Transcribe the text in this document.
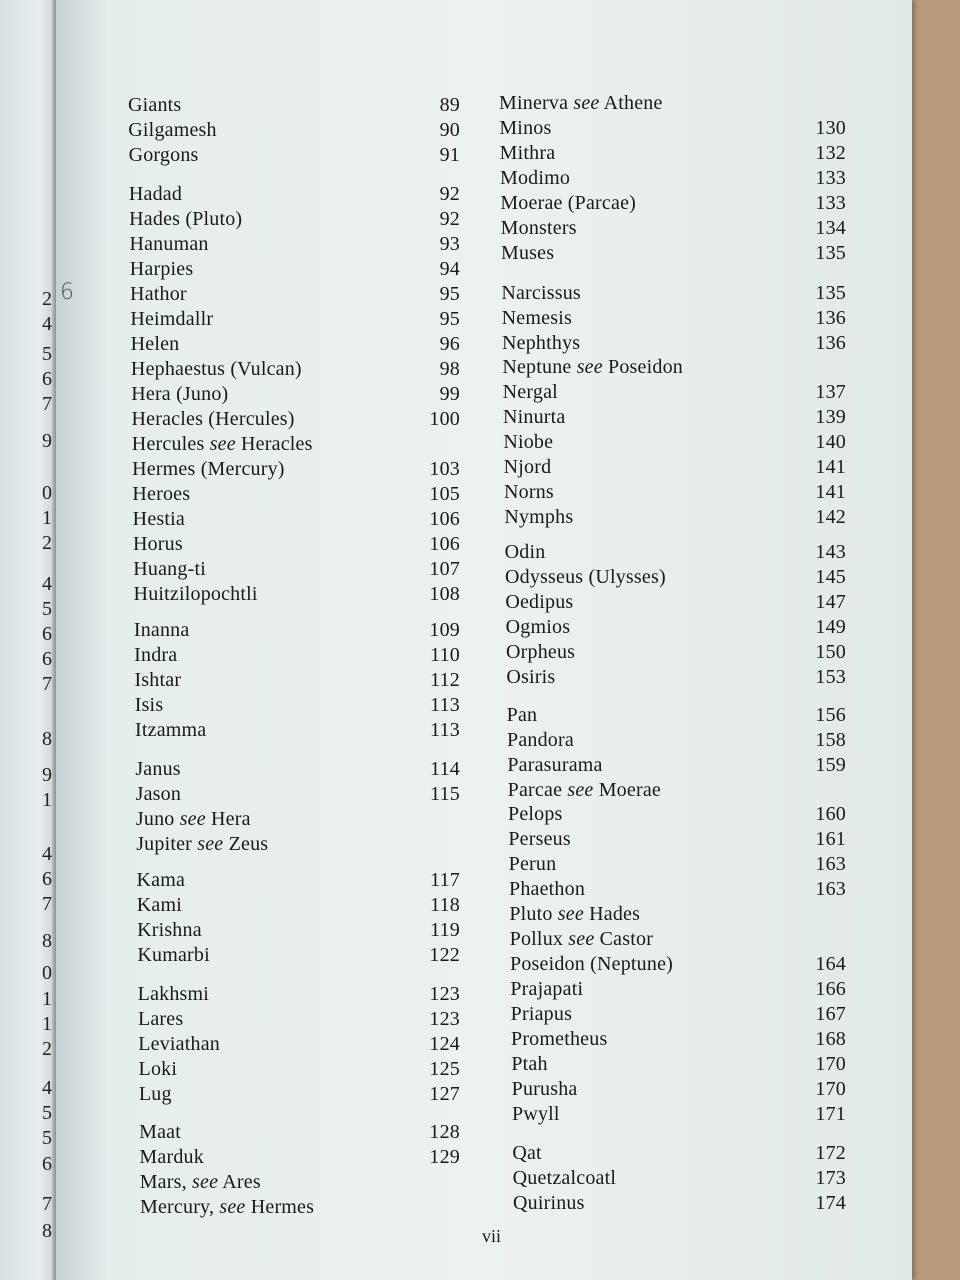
2
4
5
6
7
9
0
1
2
4
5
6
6
7
8
9
1
4
6
7
8
0
1
1
2
4
5
5
6
7
8
6
Giants	89
Gilgamesh	90
Gorgons	91
Hadad	92
Hades (Pluto)	92
Hanuman	93
Harpies	94
Hathor	95
Heimdallr	95
Helen	96
Hephaestus (Vulcan)	98
Hera (Juno)	99
Heracles (Hercules)	100
Hercules see Heracles
Hermes (Mercury)	103
Heroes	105
Hestia	106
Horus	106
Huang-ti	107
Huitzilopochtli	108
Inanna	109
Indra	110
Ishtar	112
Isis	113
Itzamma	113
Janus	114
Jason	115
Juno see Hera
Jupiter see Zeus
Kama	117
Kami	118
Krishna	119
Kumarbi	122
Lakhsmi	123
Lares	123
Leviathan	124
Loki	125
Lug	127
Maat	128
Marduk	129
Mars, see Ares
Mercury, see Hermes
Minerva see Athene
Minos	130
Mithra	132
Modimo	133
Moerae (Parcae)	133
Monsters	134
Muses	135
Narcissus	135
Nemesis	136
Nephthys	136
Neptune see Poseidon
Nergal	137
Ninurta	139
Niobe	140
Njord	141
Norns	141
Nymphs	142
Odin	143
Odysseus (Ulysses)	145
Oedipus	147
Ogmios	149
Orpheus	150
Osiris	153
Pan	156
Pandora	158
Parasurama	159
Parcae see Moerae
Pelops	160
Perseus	161
Perun	163
Phaethon	163
Pluto see Hades
Pollux see Castor
Poseidon (Neptune)	164
Prajapati	166
Priapus	167
Prometheus	168
Ptah	170
Purusha	170
Pwyll	171
Qat	172
Quetzalcoatl	173
Quirinus	174
vii
